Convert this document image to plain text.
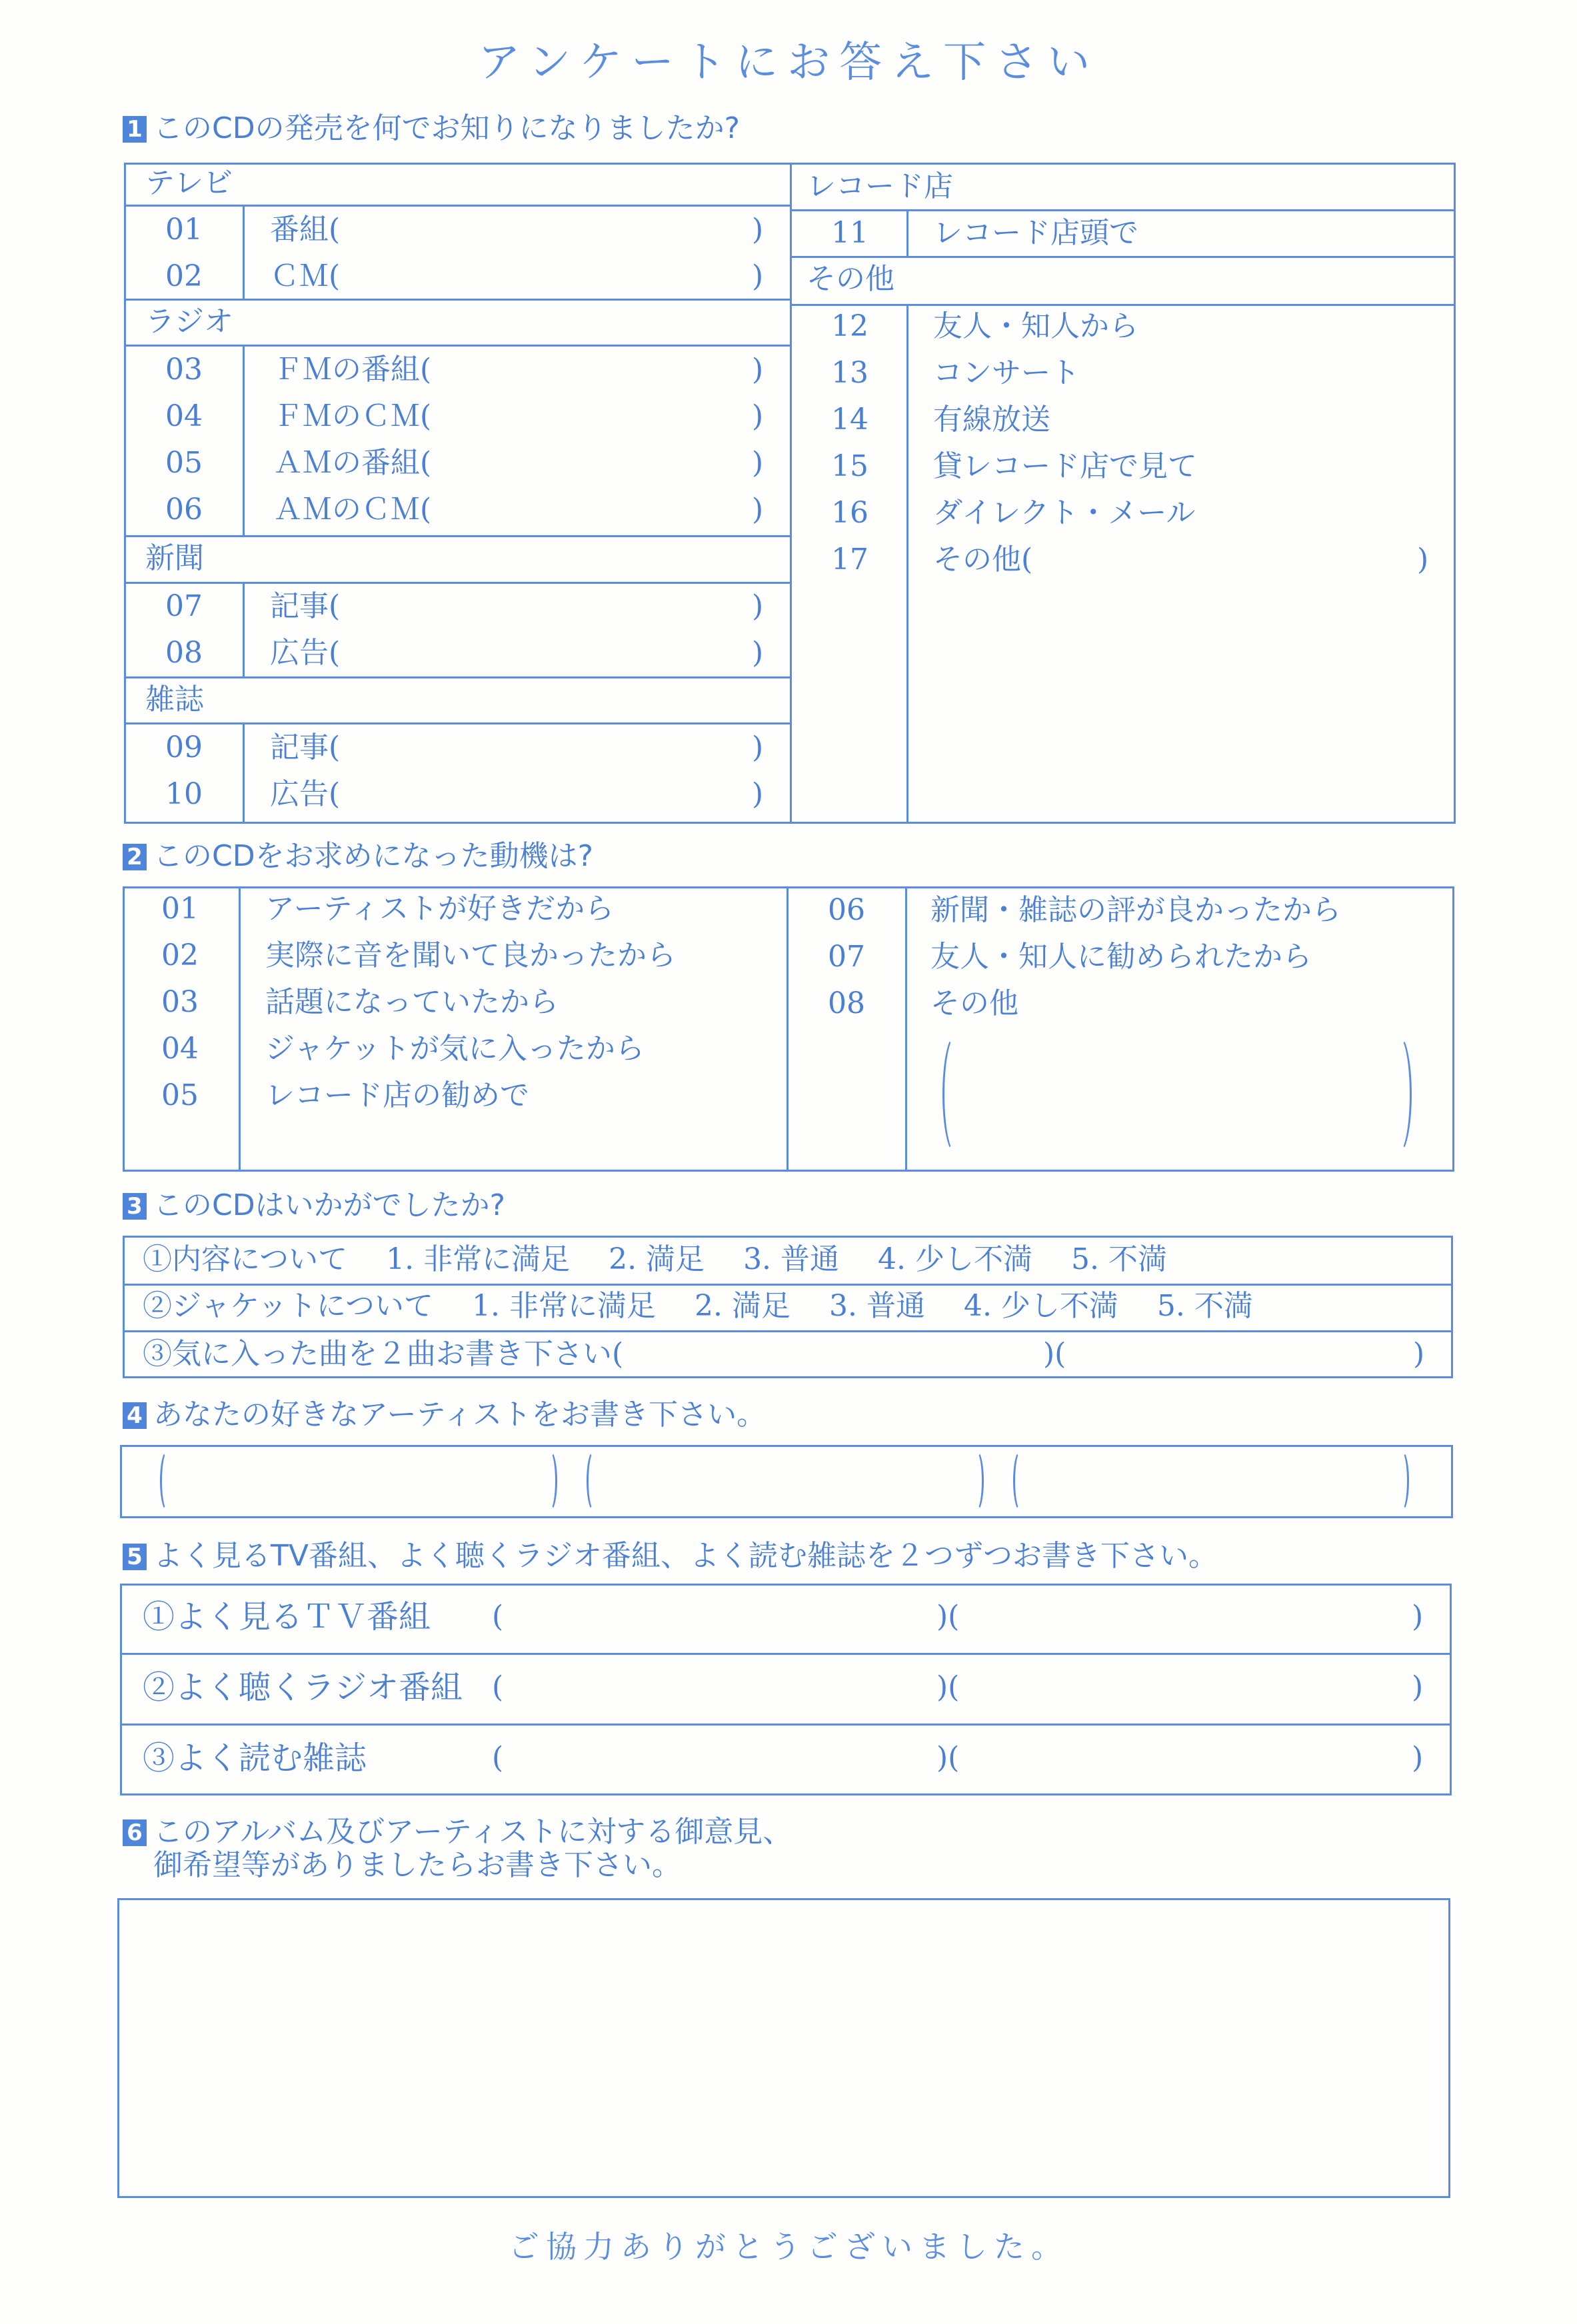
アンケートにお答え下さい
1 このCDの発売を何でお知りになりましたか?
テレビ
01	番組(	)
02	ＣＭ(	)
ラジオ
03	ＦＭの番組(	)
04	ＦＭのＣＭ(	)
05	ＡＭの番組(	)
06	ＡＭのＣＭ(	)
新聞
07	記事(	)
08	広告(	)
雑誌
09	記事(	)
10	広告(	)
レコード店
11	レコード店頭で
その他
12	友人・知人から
13	コンサート
14	有線放送
15	貸レコード店で見て
16	ダイレクト・メール
17	その他(	)
2 このCDをお求めになった動機は?
01	アーティストが好きだから
02	実際に音を聞いて良かったから
03	話題になっていたから
04	ジャケットが気に入ったから
05	レコード店の勧めで
06	新聞・雑誌の評が良かったから
07	友人・知人に勧められたから
08	その他
3 このCDはいかがでしたか?
①内容について 1. 非常に満足 2. 満足 3. 普通 4. 少し不満 5. 不満
②ジャケットについて 1. 非常に満足 2. 満足 3. 普通 4. 少し不満 5. 不満
③気に入った曲を２曲お書き下さい(	)(	)
4 あなたの好きなアーティストをお書き下さい。
5 よく見るTV番組、よく聴くラジオ番組、よく読む雑誌を２つずつお書き下さい。
①よく見るＴＶ番組 (	)(	)
②よく聴くラジオ番組 (	)(	)
③よく読む雑誌	(	)(	)
6 このアルバム及びアーティストに対する御意見、
御希望等がありましたらお書き下さい。
ご協力ありがとうございました。
